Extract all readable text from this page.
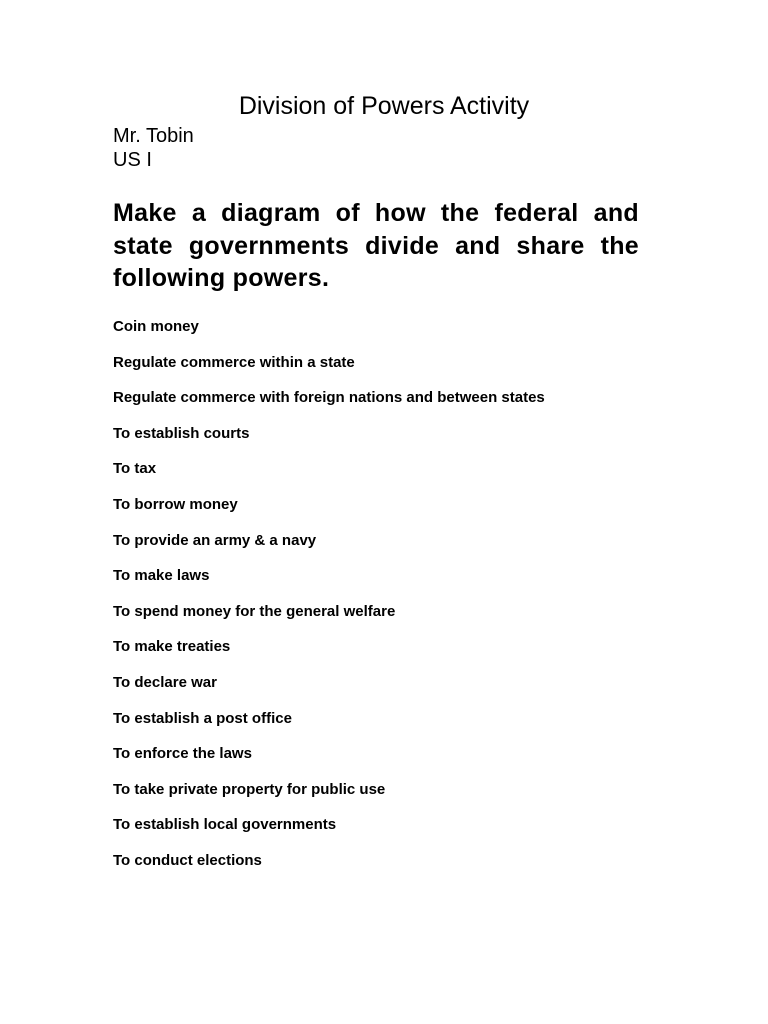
Division of Powers Activity
Mr. Tobin
US I
Make a diagram of how the federal and state governments divide and share the following powers.
Coin money
Regulate commerce within a state
Regulate commerce with foreign nations and between states
To establish courts
To tax
To borrow money
To provide an army & a navy
To make laws
To spend money for the general welfare
To make treaties
To declare war
To establish a post office
To enforce the laws
To take private property for public use
To establish local governments
To conduct elections
